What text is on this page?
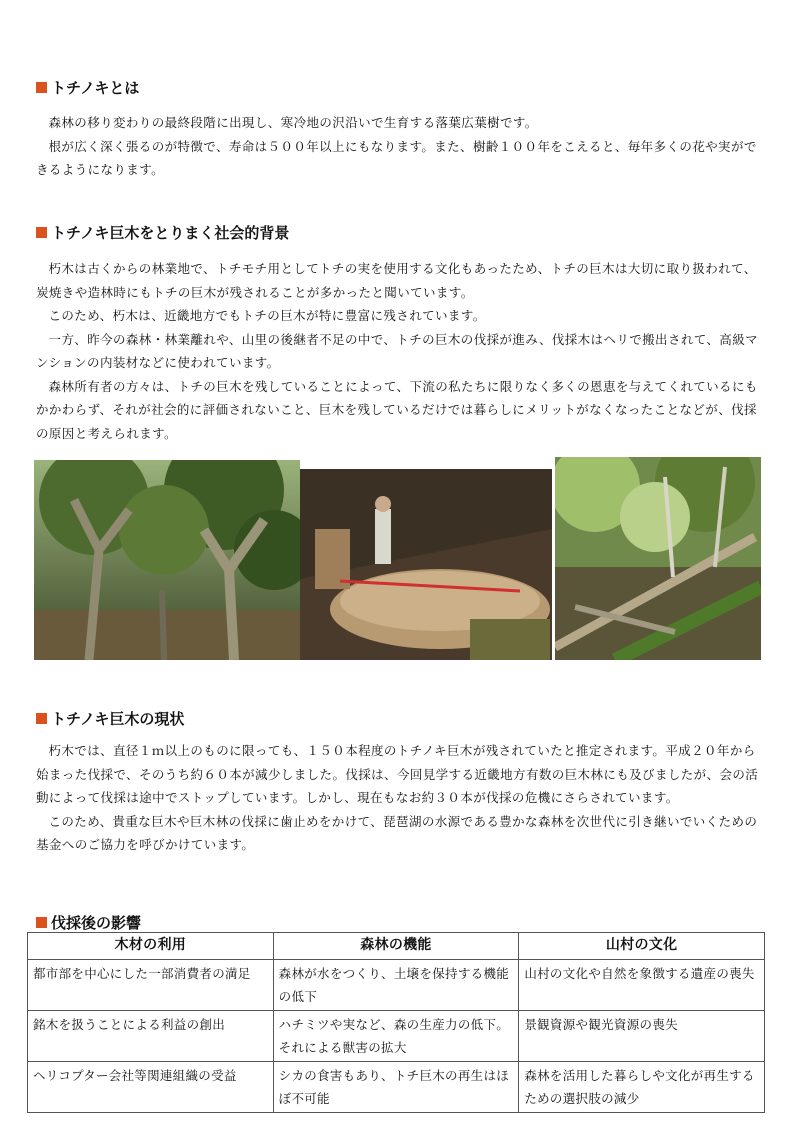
トチノキとは

森林の移り変わりの最終段階に出現し、寒冷地の沢沿いで生育する落葉広葉樹です。

根が広く深く張るのが特徴で、寿命は５００年以上にもなります。また、樹齢１００年をこえると、毎年多くの花や実ができるようになります。

トチノキ巨木をとりまく社会的背景

朽木は古くからの林業地で、トチモチ用としてトチの実を使用する文化もあったため、トチの巨木は大切に取り扱われて、炭焼きや造林時にもトチの巨木が残されることが多かったと聞いています。

このため、朽木は、近畿地方でもトチの巨木が特に豊富に残されています。

一方、昨今の森林・林業離れや、山里の後継者不足の中で、トチの巨木の伐採が進み、伐採木はヘリで搬出されて、高級マンションの内装材などに使われています。

森林所有者の方々は、トチの巨木を残していることによって、下流の私たちに限りなく多くの恩恵を与えてくれているにもかかわらず、それが社会的に評価されないこと、巨木を残しているだけでは暮らしにメリットがなくなったことなどが、伐採の原因と考えられます。

トチノキ巨木の現状

朽木では、直径１ｍ以上のものに限っても、１５０本程度のトチノキ巨木が残されていたと推定されます。平成２０年から始まった伐採で、そのうち約６０本が減少しました。伐採は、今回見学する近畿地方有数の巨木林にも及びましたが、会の活動によって伐採は途中でストップしています。しかし、現在もなお約３０本が伐採の危機にさらされています。

このため、貴重な巨木や巨木林の伐採に歯止めをかけて、琵琶湖の水源である豊かな森林を次世代に引き継いでいくための基金へのご協力を呼びかけています。

伐採後の影響
木材の利用	森林の機能	山村の文化
都市部を中心にした一部消費者の満足	森林が水をつくり、土壌を保持する機能の低下	山村の文化や自然を象徴する遺産の喪失
銘木を扱うことによる利益の創出	ハチミツや実など、森の生産力の低下。それによる獣害の拡大	景観資源や観光資源の喪失
ヘリコプター会社等関連組織の受益	シカの食害もあり、トチ巨木の再生はほぼ不可能	森林を活用した暮らしや文化が再生するための選択肢の減少
